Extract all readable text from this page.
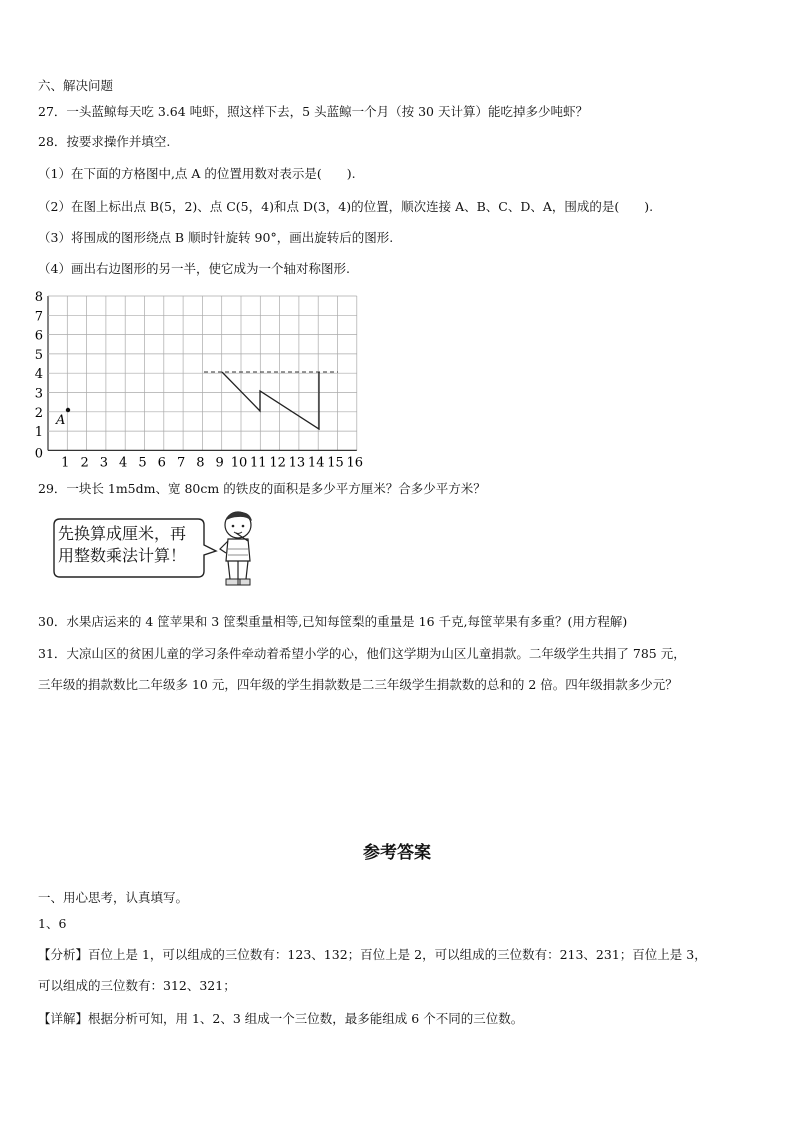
六、解决问题
27．一头蓝鲸每天吃 3.64 吨虾，照这样下去，5 头蓝鲸一个月（按 30 天计算）能吃掉多少吨虾？
28．按要求操作并填空.
（1）在下面的方格图中,点 A 的位置用数对表示是(　　).
（2）在图上标出点 B(5，2)、点 C(5，4)和点 D(3，4)的位置，顺次连接 A、B、C、D、A，围成的是(　　).
（3）将围成的图形绕点 B 顺时针旋转 90°，画出旋转后的图形.
（4）画出右边图形的另一半，使它成为一个轴对称图形.
1 2 3 4 5 6 7 8 9 10 11 12 13 14 15 16
0
1
2
3
4
5
6
7
8
A
29．一块长 1m5dm、宽 80cm 的铁皮的面积是多少平方厘米？合多少平方米？
先换算成厘米，再
用整数乘法计算！
30．水果店运来的 4 筐苹果和 3 筐梨重量相等,已知每筐梨的重量是 16 千克,每筐苹果有多重？(用方程解)
31．大凉山区的贫困儿童的学习条件牵动着希望小学的心，他们这学期为山区儿童捐款。二年级学生共捐了 785 元，
三年级的捐款数比二年级多 10 元，四年级的学生捐款数是二三年级学生捐款数的总和的 2 倍。四年级捐款多少元？
参考答案
一、用心思考，认真填写。
1、6
【分析】百位上是 1，可以组成的三位数有：123、132；百位上是 2，可以组成的三位数有：213、231；百位上是 3，
可以组成的三位数有：312、321；
【详解】根据分析可知，用 1、2、3 组成一个三位数，最多能组成 6 个不同的三位数。
